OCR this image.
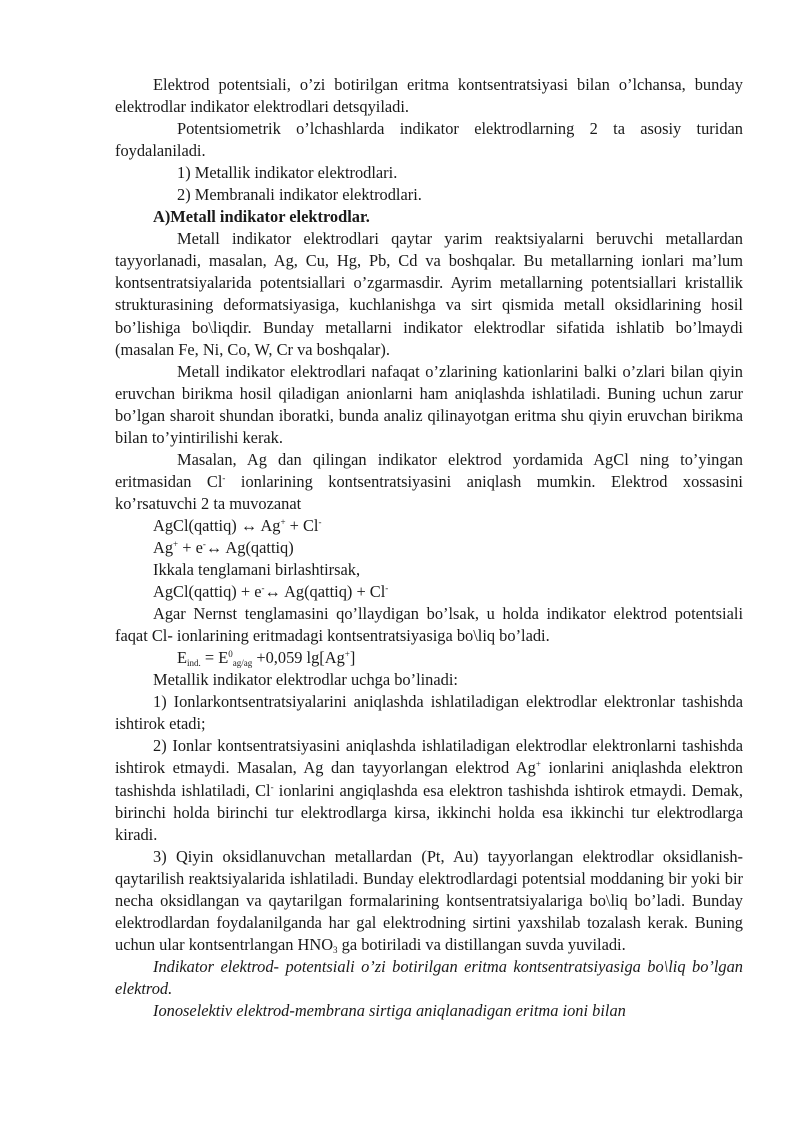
Elektrod potentsiali, o’zi botirilgan eritma kontsentratsiyasi bilan o’lchansa, bunday elektrodlar indikator elektrodlari detsqyiladi.

Potentsiometrik o’lchashlarda indikator elektrodlarning 2 ta asosiy turidan foydalaniladi.

1) Metallik indikator elektrodlari.

2) Membranali indikator elektrodlari.

A)Metall indikator elektrodlar.

Metall indikator elektrodlari qaytar yarim reaktsiyalarni beruvchi metallardan tayyorlanadi, masalan, Ag, Cu, Hg, Pb, Cd va boshqalar. Bu metallarning ionlari ma’lum kontsentratsiyalarida potentsiallari o’zgarmasdir. Ayrim metallarning potentsiallari kristallik strukturasining deformatsiyasiga, kuchlanishga va sirt qismida metall oksidlarining hosil bo’lishiga bo\liqdir. Bunday metallarni indikator elektrodlar sifatida ishlatib bo’lmaydi (masalan Fe, Ni, Co, W, Cr va boshqalar).

Metall indikator elektrodlari nafaqat o’zlarining kationlarini balki o’zlari bilan qiyin eruvchan birikma hosil qiladigan anionlarni ham aniqlashda ishlatiladi. Buning uchun zarur bo’lgan sharoit shundan iboratki, bunda analiz qilinayotgan eritma shu qiyin eruvchan birikma bilan to’yintirilishi kerak.

Masalan, Ag dan qilingan indikator elektrod yordamida AgCl ning to’yingan eritmasidan Cl- ionlarining kontsentratsiyasini aniqlash mumkin. Elektrod xossasini ko’rsatuvchi 2 ta muvozanat

AgCl(qattiq) ↔ Ag+ + Cl-

Ag+ + e-↔ Ag(qattiq)

Ikkala tenglamani birlashtirsak,

AgCl(qattiq) + e-↔ Ag(qattiq) + Cl-

Agar Nernst tenglamasini qo’llaydigan bo’lsak, u holda indikator elektrod potentsiali faqat Cl- ionlarining eritmadagi kontsentratsiyasiga bo\liq bo’ladi.

$E_{ind.} = E^0_{ag/ag} +0,059$ lg[Ag+]

Metallik indikator elektrodlar uchga bo’linadi:

1) Ionlarkontsentratsiyalarini aniqlashda ishlatiladigan elektrodlar elektronlar tashishda ishtirok etadi;

2) Ionlar kontsentratsiyasini aniqlashda ishlatiladigan elektrodlar elektronlarni tashishda ishtirok etmaydi. Masalan, Ag dan tayyorlangan elektrod Ag+ ionlarini aniqlashda elektron tashishda ishlatiladi, Cl- ionlarini angiqlashda esa elektron tashishda ishtirok etmaydi. Demak, birinchi holda birinchi tur elektrodlarga kirsa, ikkinchi holda esa ikkinchi tur elektrodlarga kiradi.

3) Qiyin oksidlanuvchan metallardan (Pt, Au) tayyorlangan elektrodlar oksidlanish-qaytarilish reaktsiyalarida ishlatiladi. Bunday elektrodlardagi potentsial moddaning bir yoki bir necha oksidlangan va qaytarilgan formalarining kontsentratsiyalariga bo\liq bo’ladi. Bunday elektrodlardan foydalanilganda har gal elektrodning sirtini yaxshilab tozalash kerak. Buning uchun ular kontsentrlangan $HNO_3$ ga botiriladi va distillangan suvda yuviladi.

Indikator elektrod- potentsiali o’zi botirilgan eritma kontsentratsiyasiga bo\liq bo’lgan elektrod.

Ionoselektiv elektrod-membrana sirtiga aniqlanadigan eritma ioni bilan
